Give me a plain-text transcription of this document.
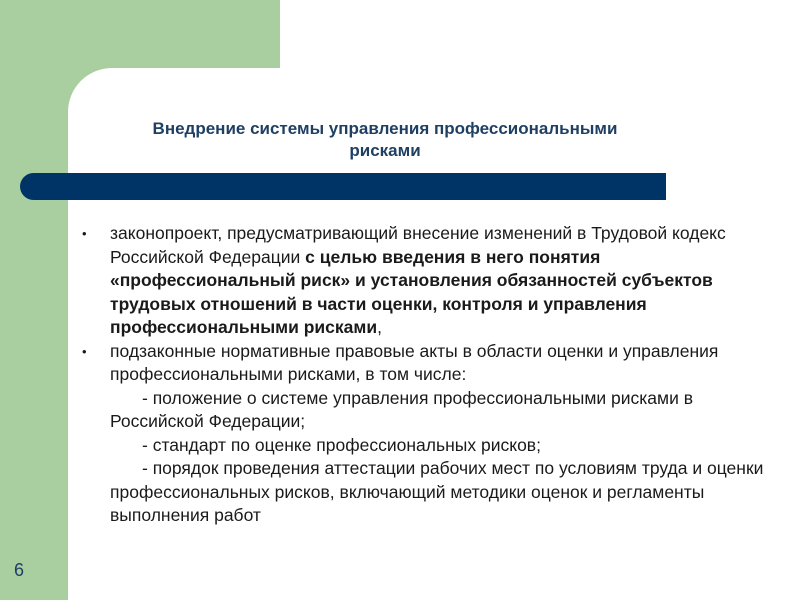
Внедрение системы управления профессиональными
рисками
• законопроект, предусматривающий внесение изменений в Трудовой кодекс Российской Федерации с целью введения в него понятия «профессиональный риск» и установления обязанностей субъектов трудовых отношений в части оценки, контроля и управления профессиональными рисками,
• подзаконные нормативные правовые акты в области оценки и управления профессиональными рисками, в том числе:
- положение о системе управления профессиональными рисками в Российской Федерации;
- стандарт по оценке профессиональных рисков;
- порядок проведения аттестации рабочих мест по условиям труда и оценки профессиональных рисков, включающий методики оценок и регламенты выполнения работ
6
